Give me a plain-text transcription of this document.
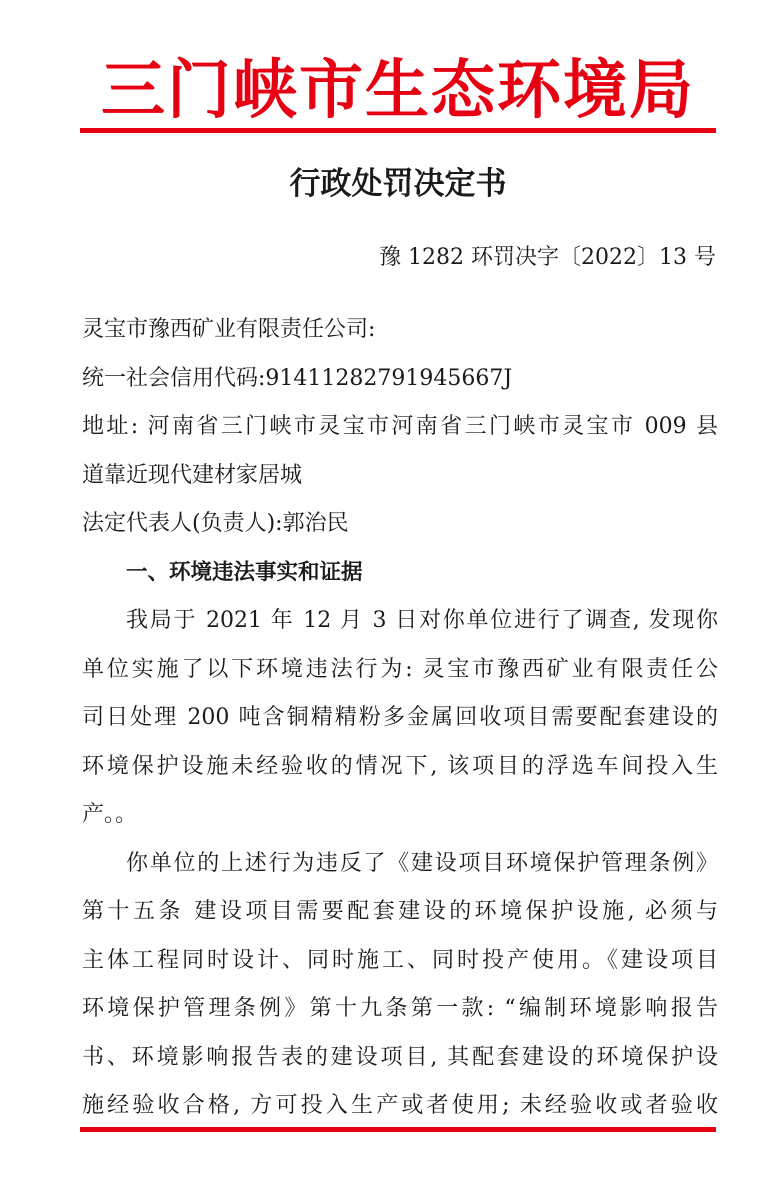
三门峡市生态环境局
行政处罚决定书
豫 1282 环罚决字〔2022〕13 号
灵宝市豫西矿业有限责任公司:
统一社会信用代码:91411282791945667J
地址: 河南省三门峡市灵宝市河南省三门峡市灵宝市 009 县
道靠近现代建材家居城
法定代表人(负责人):郭治民
一、环境违法事实和证据
我局于 2021 年 12 月 3 日对你单位进行了调查, 发现你
单位实施了以下环境违法行为: 灵宝市豫西矿业有限责任公
司日处理 200 吨含铜精精粉多金属回收项目需要配套建设的
环境保护设施未经验收的情况下, 该项目的浮选车间投入生
产。。
你单位的上述行为违反了《建设项目环境保护管理条例》
第十五条 建设项目需要配套建设的环境保护设施, 必须与
主体工程同时设计、同时施工、同时投产使用。《建设项目
环境保护管理条例》第十九条第一款: “编制环境影响报告
书、环境影响报告表的建设项目, 其配套建设的环境保护设
施经验收合格, 方可投入生产或者使用; 未经验收或者验收
